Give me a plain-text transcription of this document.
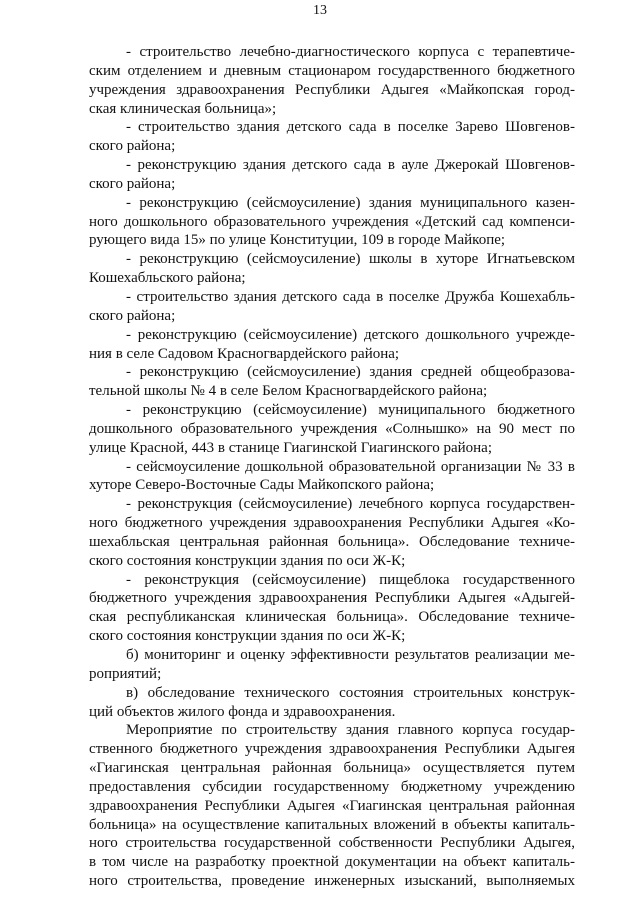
13
- строительство лечебно-диагностического корпуса с терапевтиче-
ским отделением и дневным стационаром государственного бюджетного
учреждения здравоохранения Республики Адыгея «Майкопская город-
ская клиническая больница»;
- строительство здания детского сада в поселке Зарево Шовгенов-
ского района;
- реконструкцию здания детского сада в ауле Джерокай Шовгенов-
ского района;
- реконструкцию (сейсмоусиление) здания муниципального казен-
ного дошкольного образовательного учреждения «Детский сад компенси-
рующего вида 15» по улице Конституции, 109 в городе Майкопе;
- реконструкцию (сейсмоусиление) школы в хуторе Игнатьевском
Кошехабльского района;
- строительство здания детского сада в поселке Дружба Кошехабль-
ского района;
- реконструкцию (сейсмоусиление) детского дошкольного учрежде-
ния в селе Садовом Красногвардейского района;
- реконструкцию (сейсмоусиление) здания средней общеобразова-
тельной школы № 4 в селе Белом Красногвардейского района;
- реконструкцию (сейсмоусиление) муниципального бюджетного
дошкольного образовательного учреждения «Солнышко» на 90 мест по
улице Красной, 443 в станице Гиагинской Гиагинского района;
- сейсмоусиление дошкольной образовательной организации № 33 в
хуторе Северо-Восточные Сады Майкопского района;
- реконструкция (сейсмоусиление) лечебного корпуса государствен-
ного бюджетного учреждения здравоохранения Республики Адыгея «Ко-
шехабльская центральная районная больница». Обследование техниче-
ского состояния конструкции здания по оси Ж-К;
- реконструкция (сейсмоусиление) пищеблока государственного
бюджетного учреждения здравоохранения Республики Адыгея «Адыгей-
ская республиканская клиническая больница». Обследование техниче-
ского состояния конструкции здания по оси Ж-К;
б) мониторинг и оценку эффективности результатов реализации ме-
роприятий;
в) обследование технического состояния строительных конструк-
ций объектов жилого фонда и здравоохранения.
Мероприятие по строительству здания главного корпуса государ-
ственного бюджетного учреждения здравоохранения Республики Адыгея
«Гиагинская центральная районная больница» осуществляется путем
предоставления субсидии государственному бюджетному учреждению
здравоохранения Республики Адыгея «Гиагинская центральная районная
больница» на осуществление капитальных вложений в объекты капиталь-
ного строительства государственной собственности Республики Адыгея,
в том числе на разработку проектной документации на объект капиталь-
ного строительства, проведение инженерных изысканий, выполняемых
